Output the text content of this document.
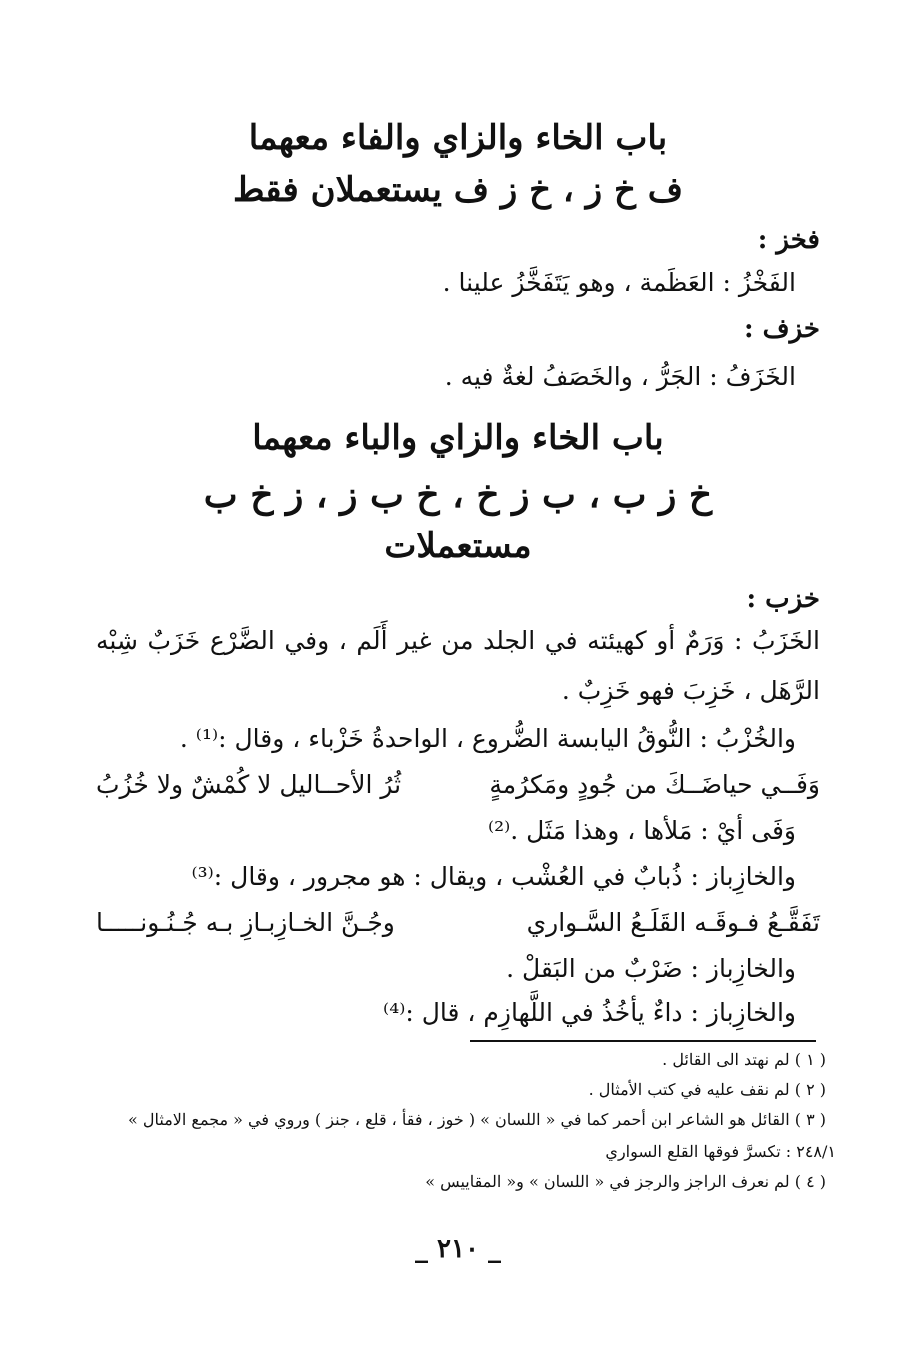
باب الخاء والزاي والفاء معهما
ف خ ز ، خ ز ف يستعملان فقط
فخز :
الفَخْزُ : العَظَمة ، وهو يَتَفَخَّزُ علينا .
خزف :
الخَزَفُ : الجَرُّ ، والخَصَفُ لغةٌ فيه .
باب الخاء والزاي والباء معهما
خ ز ب ، ب ز خ ، خ ب ز ، ز خ ب
مستعملات
خزب :
الخَزَبُ : وَرَمٌ أو كهيئته في الجلد من غير أَلَم ، وفي الضَّرْع خَزَبٌ شِبْه
الرَّهَل ، خَزِبَ فهو خَزِبٌ .
والخُزْبُ : النُّوقُ اليابسة الضُّروع ، الواحدةُ خَزْباء ، وقال :⁽¹⁾ .
وَفَــي حياضَــكَ من جُودٍ ومَكرُمةٍ
ثُرُ الأحــاليل لا كُمْشٌ ولا خُزُبُ
وَفَى أيْ : مَلأها ، وهذا مَثَل .⁽²⁾
والخازِباز : ذُبابٌ في العُشْب ، ويقال : هو مجرور ، وقال :⁽³⁾
تَفَقَّـعُ فـوقَـه القَلَـعُ السَّـواري
وجُـنَّ الخـازِبـازِ بـه جُـنُـونـــــا
والخازِباز : ضَرْبٌ من البَقلْ .
والخازِباز : داءٌ يأخُذُ في اللَّهازِم ، قال :⁽⁴⁾
( ١ ) لم نهتد الى القائل .
( ٢ ) لم نقف عليه في كتب الأمثال .
( ٣ ) القائل هو الشاعر ابن أحمر كما في « اللسان » ( خوز ، فقأ ، قلع ، جنز ) وروي في « مجمع الامثال »
٢٤٨/١ : تكسرَّ فوقها القلع السواري
( ٤ ) لم نعرف الراجز والرجز في « اللسان » و« المقاييس »
_ ٢١٠ _
